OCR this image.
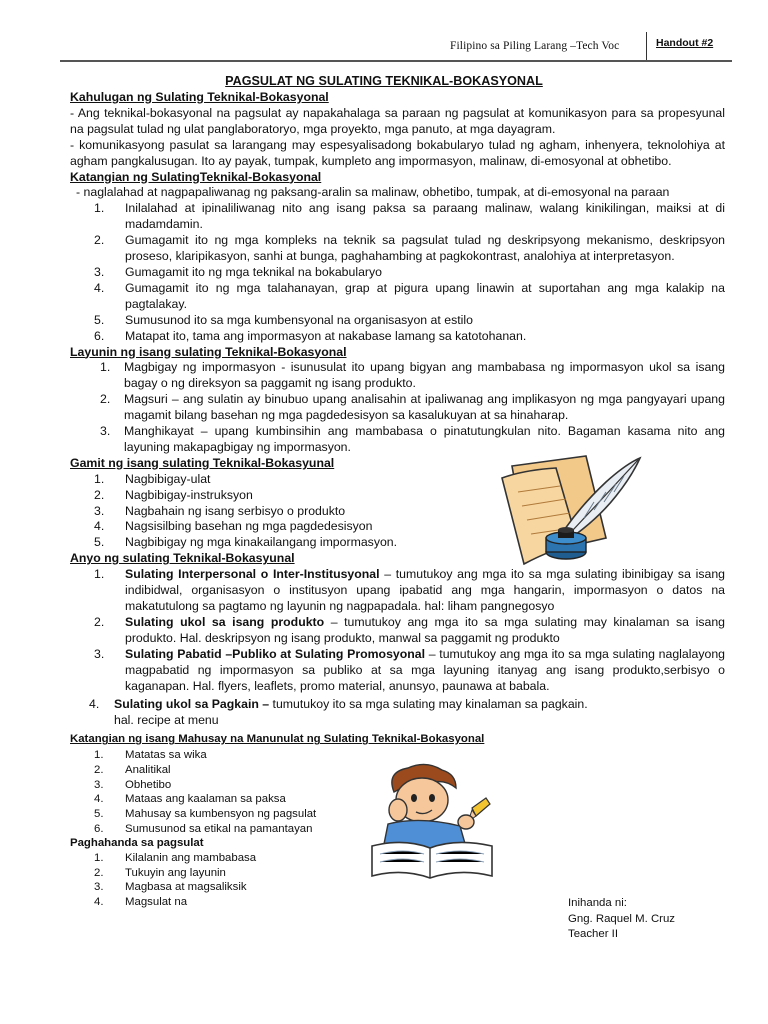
Filipino sa Piling Larang –Tech Voc	Handout #2
PAGSULAT NG SULATING TEKNIKAL-BOKASYONAL

Kahulugan ng Sulating Teknikal-Bokasyonal

- Ang teknikal-bokasyonal na pagsulat ay napakahalaga sa paraan ng pagsulat at komunikasyon para sa propesyunal na pagsulat tulad ng ulat panglaboratoryo, mga proyekto, mga panuto, at mga dayagram.

- komunikasyong pasulat sa larangang may espesyalisadong bokabularyo tulad ng agham, inhenyera, teknolohiya at agham pangkalusugan. Ito ay payak, tumpak, kumpleto ang impormasyon, malinaw, di-emosyonal at obhetibo.

Katangian ng SulatingTeknikal-Bokasyonal

- naglalahad at nagpapaliwanag ng paksang-aralin sa malinaw, obhetibo, tumpak, at di-emosyonal na paraan

1. Inilalahad at ipinaliliwanag nito ang isang paksa sa paraang malinaw, walang kinikilingan, maiksi at di madamdamin.
2. Gumagamit ito ng mga kompleks na teknik sa pagsulat tulad ng deskripsyong mekanismo, deskripsyon proseso, klaripikasyon, sanhi at bunga, paghahambing at pagkokontrast, analohiya at interpretasyon.
3. Gumagamit ito ng mga teknikal na bokabularyo
4. Gumagamit ito ng mga talahanayan, grap at pigura upang linawin at suportahan ang mga kalakip na pagtalakay.
5. Sumusunod ito sa mga kumbensyonal na organisasyon at estilo
6. Matapat ito, tama ang impormasyon at nakabase lamang sa katotohanan.

Layunin ng isang sulating Teknikal-Bokasyonal

1. Magbigay ng impormasyon - isunusulat ito upang bigyan ang mambabasa ng impormasyon ukol sa isang bagay o ng direksyon sa paggamit ng isang produkto.
2. Magsuri – ang sulatin ay binubuo upang analisahin at ipaliwanag ang implikasyon ng mga pangyayari upang magamit bilang basehan ng mga pagdedesisyon sa kasalukuyan at sa hinaharap.
3. Manghikayat – upang kumbinsihin ang mambabasa o pinatutungkulan nito. Bagaman kasama nito ang layuning makapagbigay ng impormasyon.

Gamit ng isang sulating Teknikal-Bokasyunal

1. Nagbibigay-ulat
2. Nagbibigay-instruksyon
3. Nagbahain ng isang serbisyo o produkto
4. Nagsisilbing basehan ng mga pagdedesisyon
5. Nagbibigay ng mga kinakailangang impormasyon.

Anyo ng sulating Teknikal-Bokasyunal

1. Sulating Interpersonal o Inter-Institusyonal – tumutukoy ang mga ito sa mga sulating ibinibigay sa isang indibidwal, organisasyon o institusyon upang ipabatid ang mga hangarin, impormasyon o datos na makatutulong sa pagtamo ng layunin ng nagpapadala. hal: liham pangnegosyo
2. Sulating ukol sa isang produkto – tumutukoy ang mga ito sa mga sulating may kinalaman sa isang produkto. Hal. deskripsyon ng isang produkto, manwal sa paggamit ng produkto
3. Sulating Pabatid –Publiko at Sulating Promosyonal – tumutukoy ang mga ito sa mga sulating naglalayong magpabatid ng impormasyon sa publiko at sa mga layuning itanyag ang isang produkto,serbisyo o kaganapan. Hal. flyers, leaflets, promo material, anunsyo, paunawa at babala.
4. Sulating ukol sa Pagkain – tumutukoy ito sa mga sulating may kinalaman sa pagkain.

hal. recipe at menu

Katangian ng isang Mahusay na Manunulat ng Sulating Teknikal-Bokasyonal

1. Matatas sa wika
2. Analitikal
3. Obhetibo
4. Mataas ang kaalaman sa paksa
5. Mahusay sa kumbensyon ng pagsulat
6. Sumusunod sa etikal na pamantayan

Paghahanda sa pagsulat

1. Kilalanin ang mambabasa
2. Tukuyin ang layunin
3. Magbasa at magsaliksik
4. Magsulat na	Inihanda ni:
Gng. Raquel M. Cruz
Teacher II
